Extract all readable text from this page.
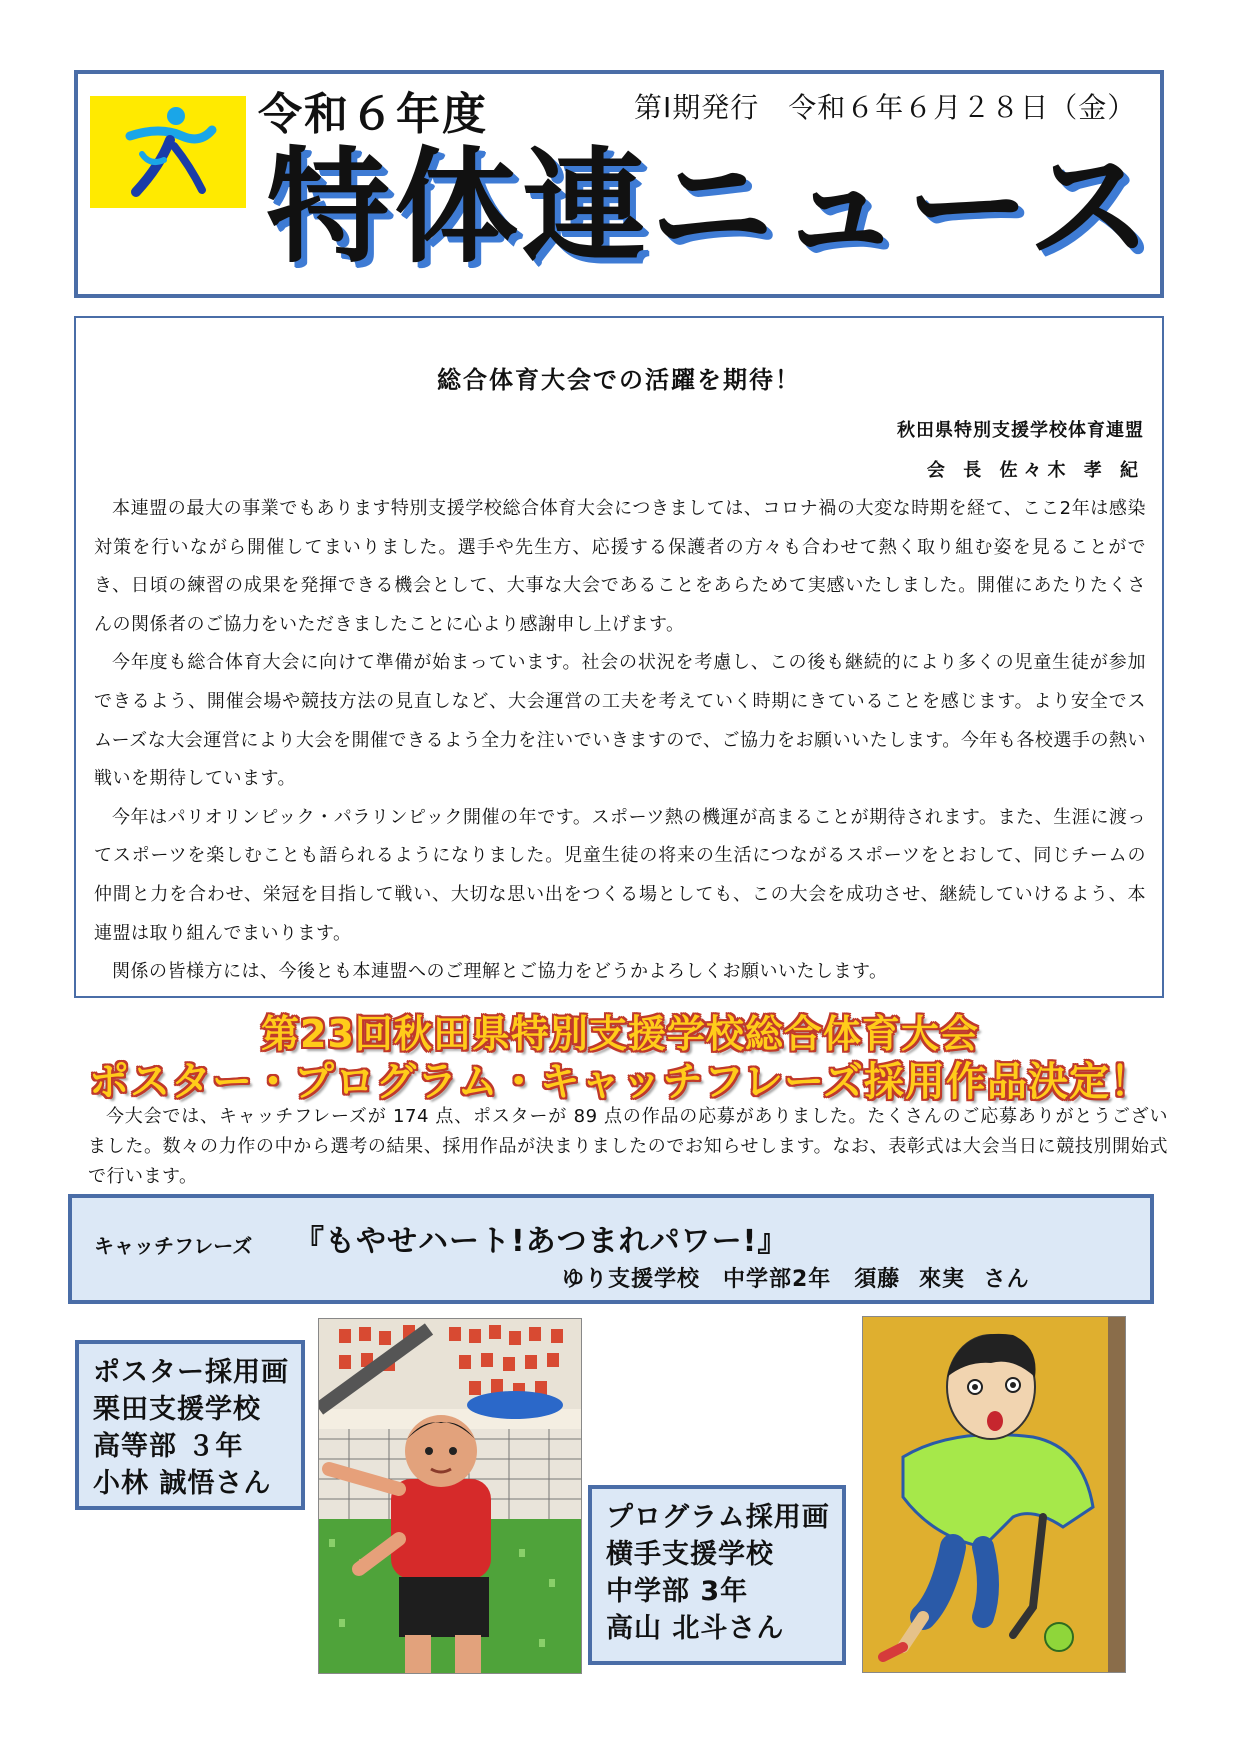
令和６年度	第Ⅰ期発行　令和６年６月２８日（金）
特体連ニュース
総合体育大会での活躍を期待！
秋田県特別支援学校体育連盟
会 長 佐々木 孝 紀

本連盟の最大の事業でもあります特別支援学校総合体育大会につきましては、コロナ禍の大変な時期を経て、ここ2年は感染対策を行いながら開催してまいりました。選手や先生方、応援する保護者の方々も合わせて熱く取り組む姿を見ることができ、日頃の練習の成果を発揮できる機会として、大事な大会であることをあらためて実感いたしました。開催にあたりたくさんの関係者のご協力をいただきましたことに心より感謝申し上げます。

今年度も総合体育大会に向けて準備が始まっています。社会の状況を考慮し、この後も継続的により多くの児童生徒が参加できるよう、開催会場や競技方法の見直しなど、大会運営の工夫を考えていく時期にきていることを感じます。より安全でスムーズな大会運営により大会を開催できるよう全力を注いでいきますので、ご協力をお願いいたします。今年も各校選手の熱い戦いを期待しています。

今年はパリオリンピック・パラリンピック開催の年です。スポーツ熱の機運が高まることが期待されます。また、生涯に渡ってスポーツを楽しむことも語られるようになりました。児童生徒の将来の生活につながるスポーツをとおして、同じチームの仲間と力を合わせ、栄冠を目指して戦い、大切な思い出をつくる場としても、この大会を成功させ、継続していけるよう、本連盟は取り組んでまいります。

関係の皆様方には、今後とも本連盟へのご理解とご協力をどうかよろしくお願いいたします。

第23回秋田県特別支援学校総合体育大会
ポスター・プログラム・キャッチフレーズ採用作品決定！

今大会では、キャッチフレーズが 174 点、ポスターが 89 点の作品の応募がありました。たくさんのご応募ありがとうございました。数々の力作の中から選考の結果、採用作品が決まりましたのでお知らせします。なお、表彰式は大会当日に競技別開始式で行います。

キャッチフレーズ 『もやせハート!あつまれパワー!』
ゆり支援学校　中学部2年　須藤 來実 さん
ポスター採用画
栗田支援学校
高等部 ３年
小林 誠悟さん
プログラム採用画
横手支援学校
中学部 3年
高山 北斗さん
